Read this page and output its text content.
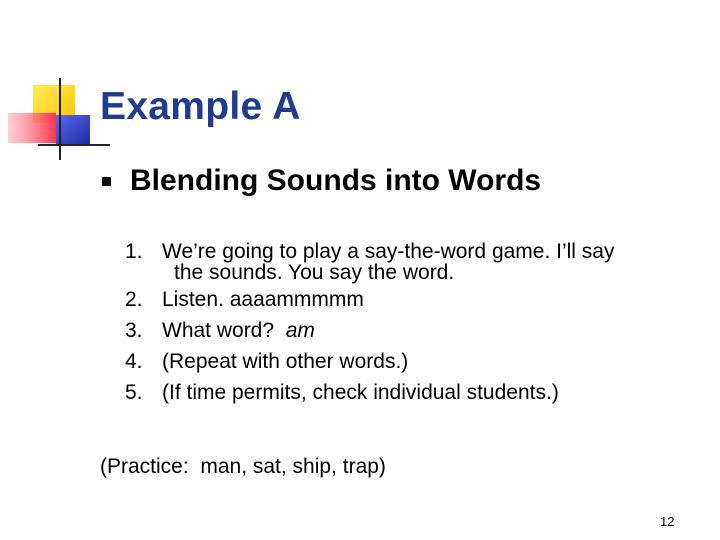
Example A
Blending Sounds into Words
1. We’re going to play a say-the-word game. I’ll say
the sounds. You say the word.
2. Listen. aaaammmmm
3. What word?  am
4. (Repeat with other words.)
5. (If time permits, check individual students.)
(Practice:  man, sat, ship, trap)
12
